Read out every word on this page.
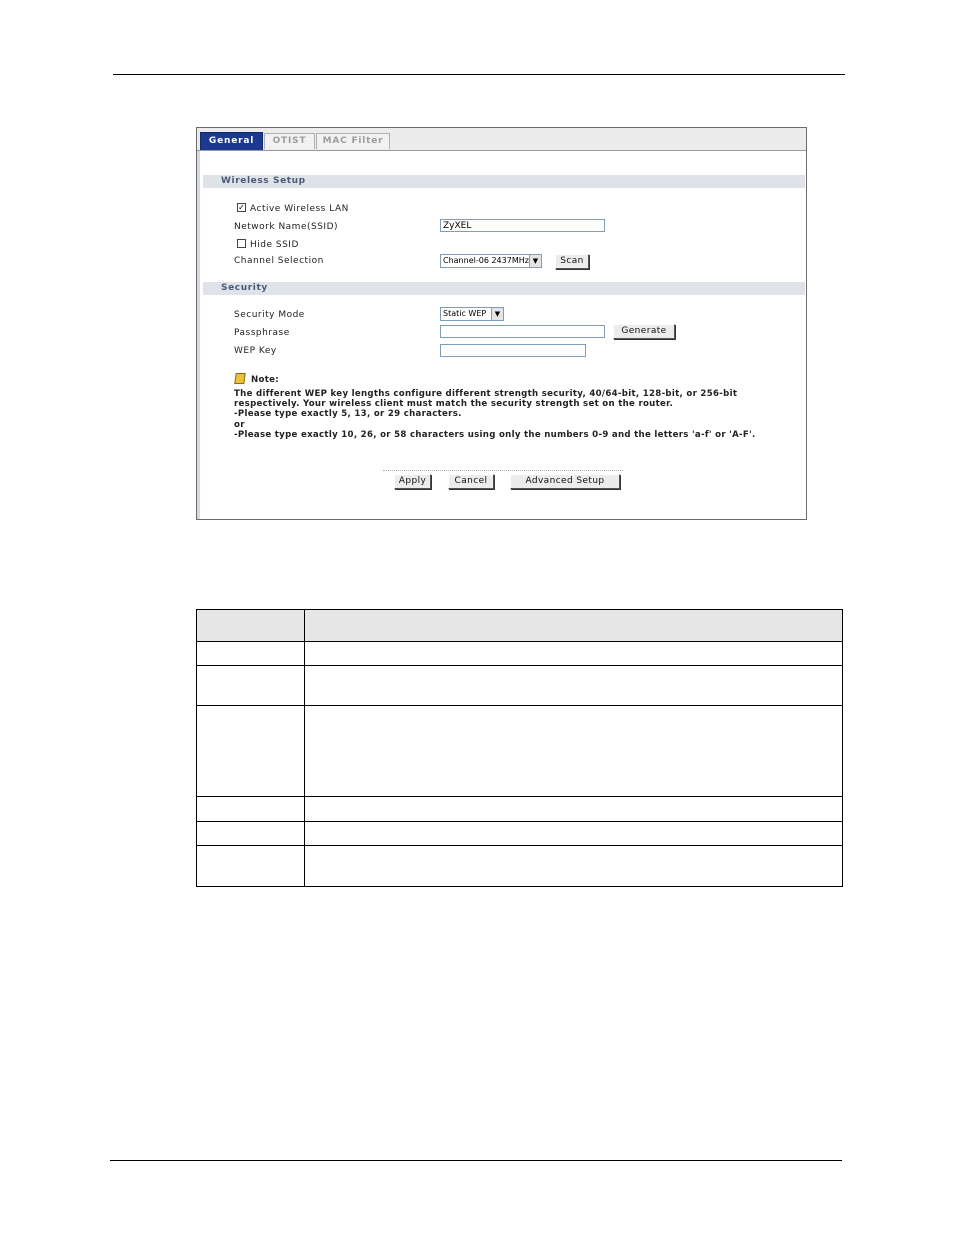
General	OTIST	MAC Filter
Wireless Setup
✓ Active Wireless LAN
Network Name(SSID)
ZyXEL
Hide SSID
Channel Selection	Channel-06 2437MHz ▼	Scan
Security
Security Mode	Static WEP	▼
Passphrase	Generate
WEP Key
Note:
The different WEP key lengths configure different strength security, 40/64-bit, 128-bit, or 256-bit
respectively. Your wireless client must match the security strength set on the router.
-Please type exactly 5, 13, or 29 characters.
or
-Please type exactly 10, 26, or 58 characters using only the numbers 0-9 and the letters 'a-f' or 'A-F'.
Apply	Cancel	Advanced Setup
